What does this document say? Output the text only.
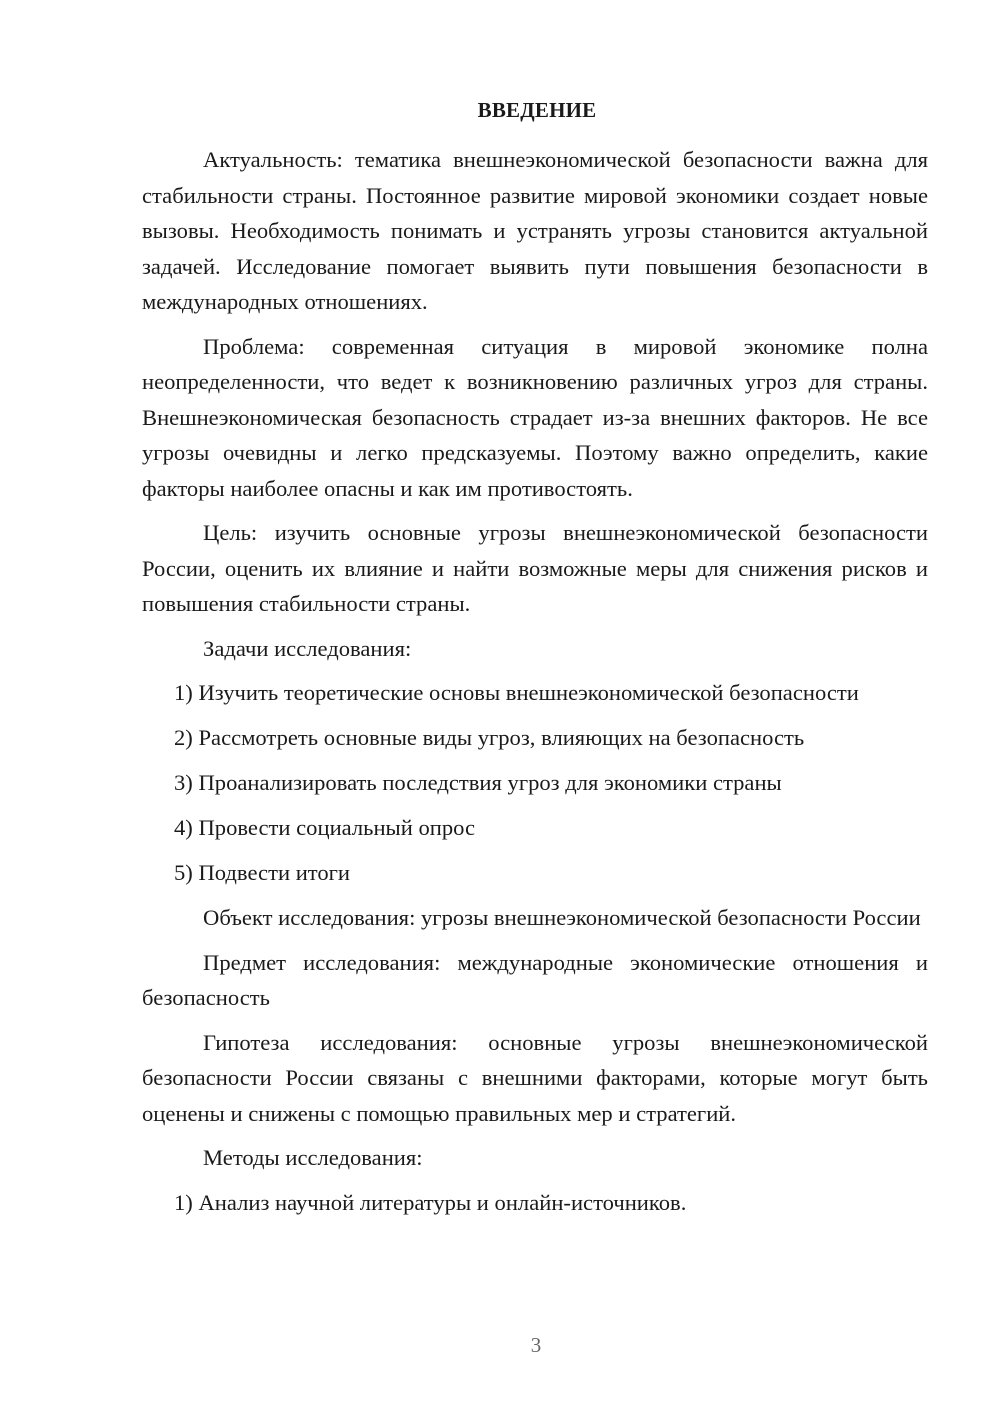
ВВЕДЕНИЕ

Актуальность: тематика внешнеэкономической безопасности важна для стабильности страны. Постоянное развитие мировой экономики создает новые вызовы. Необходимость понимать и устранять угрозы становится актуальной задачей. Исследование помогает выявить пути повышения безопасности в международных отношениях.

Проблема: современная ситуация в мировой экономике полна неопределенности, что ведет к возникновению различных угроз для страны. Внешнеэкономическая безопасность страдает из-за внешних факторов. Не все угрозы очевидны и легко предсказуемы. Поэтому важно определить, какие факторы наиболее опасны и как им противостоять.

Цель: изучить основные угрозы внешнеэкономической безопасности России, оценить их влияние и найти возможные меры для снижения рисков и повышения стабильности страны.

Задачи исследования:

1) Изучить теоретические основы внешнеэкономической безопасности
2) Рассмотреть основные виды угроз, влияющих на безопасность
3) Проанализировать последствия угроз для экономики страны
4) Провести социальный опрос
5) Подвести итоги

Объект исследования: угрозы внешнеэкономической безопасности России

Предмет исследования: международные экономические отношения и безопасность

Гипотеза исследования: основные угрозы внешнеэкономической безопасности России связаны с внешними факторами, которые могут быть оценены и снижены с помощью правильных мер и стратегий.

Методы исследования:

1) Анализ научной литературы и онлайн-источников.
3
